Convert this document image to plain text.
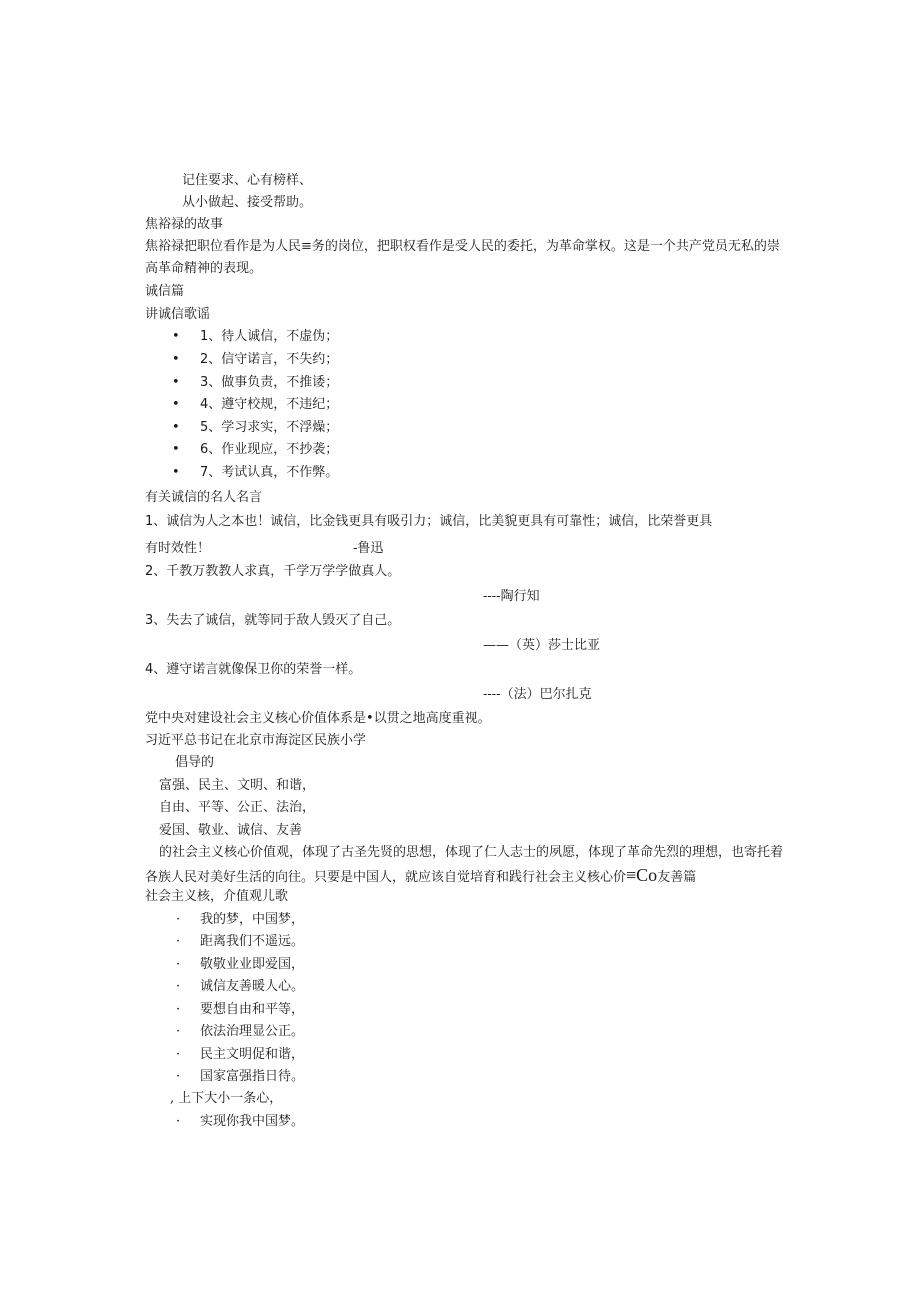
记住要求、心有榜样、
从小做起、接受帮助。
焦裕禄的故事
焦裕禄把职位看作是为人民≡务的岗位，把职权看作是受人民的委托，为革命掌权。这是一个共产党员无私的崇高革命精神的表现。
诚信篇
讲诚信歌谣
• 1、待人诚信，不虚伪；
• 2、信守诺言，不失约；
• 3、做事负责，不推诿；
• 4、遵守校规，不违纪；
• 5、学习求实，不浮燥；
• 6、作业现应，不抄袭；
• 7、考试认真，不作弊。
有关诚信的名人名言
1、诚信为人之本也！诚信，比金钱更具有吸引力；诚信，比美貌更具有可靠性；诚信，比荣誉更具
有时效性！	-鲁迅
2、千教万教教人求真，千学万学学做真人。
----陶行知
3、失去了诚信，就等同于敌人毁灭了自己。
——（英）莎士比亚
4、遵守诺言就像保卫你的荣誉一样。
----（法）巴尔扎克
党中央对建设社会主义核心价值体系是•以贯之地高度重视。
习近平总书记在北京市海淀区民族小学
倡导的
富强、民主、文明、和谐，
自由、平等、公正、法治，
爱国、敬业、诚信、友善
的社会主义核心价值观，体现了古圣先贤的思想，体现了仁人志士的夙愿，体现了革命先烈的理想，也寄托着各族人民对美好生活的向往。只要是中国人，就应该自觉培育和践行社会主义核心价≡Co友善篇
社会主义核，介值观儿歌
· 我的梦，中国梦，
· 距离我们不遥远。
· 敬敬业业即爱国，
· 诚信友善暖人心。
· 要想自由和平等，
· 依法治理显公正。
· 民主文明促和谐，
· 国家富强指日待。
, 上下大小一条心，
· 实现你我中国梦。
